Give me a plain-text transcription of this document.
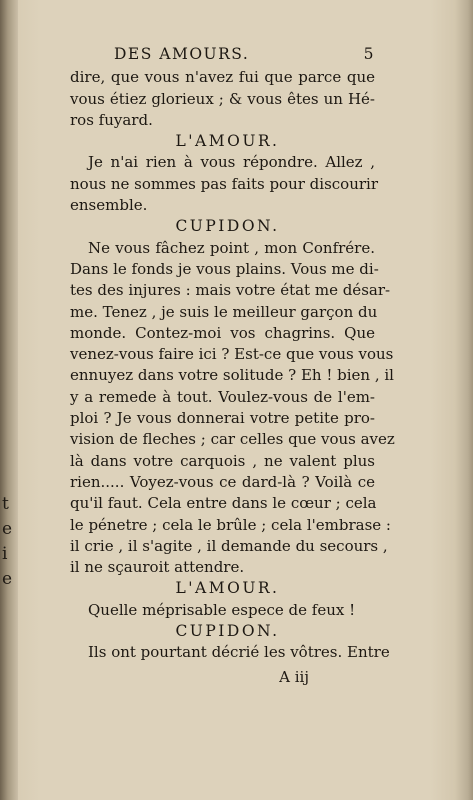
t
e
i
e
DES AMOURS.	5
dire, que vous n'avez fui que parce que
vous étiez glorieux ; & vous êtes un Hé-
ros fuyard.
L'AMOUR.
Je n'ai rien à vous répondre. Allez ,
nous ne sommes pas faits pour discourir
ensemble.
CUPIDON.
Ne vous fâchez point , mon Confrére.
Dans le fonds je vous plains. Vous me di-
tes des injures : mais votre état me désar-
me. Tenez , je suis le meilleur garçon du
monde. Contez-moi vos chagrins. Que
venez-vous faire ici ? Est-ce que vous vous
ennuyez dans votre solitude ? Eh ! bien , il
y a remede à tout. Voulez-vous de l'em-
ploi ? Je vous donnerai votre petite pro-
vision de fleches ; car celles que vous avez
là dans votre carquois , ne valent plus
rien..... Voyez-vous ce dard-là ? Voilà ce
qu'il faut. Cela entre dans le cœur ; cela
le pénetre ; cela le brûle ; cela l'embrase :
il crie , il s'agite , il demande du secours ,
il ne sçauroit attendre.
L'AMOUR.
Quelle méprisable espece de feux !
CUPIDON.
Ils ont pourtant décrié les vôtres. Entre
A iij
